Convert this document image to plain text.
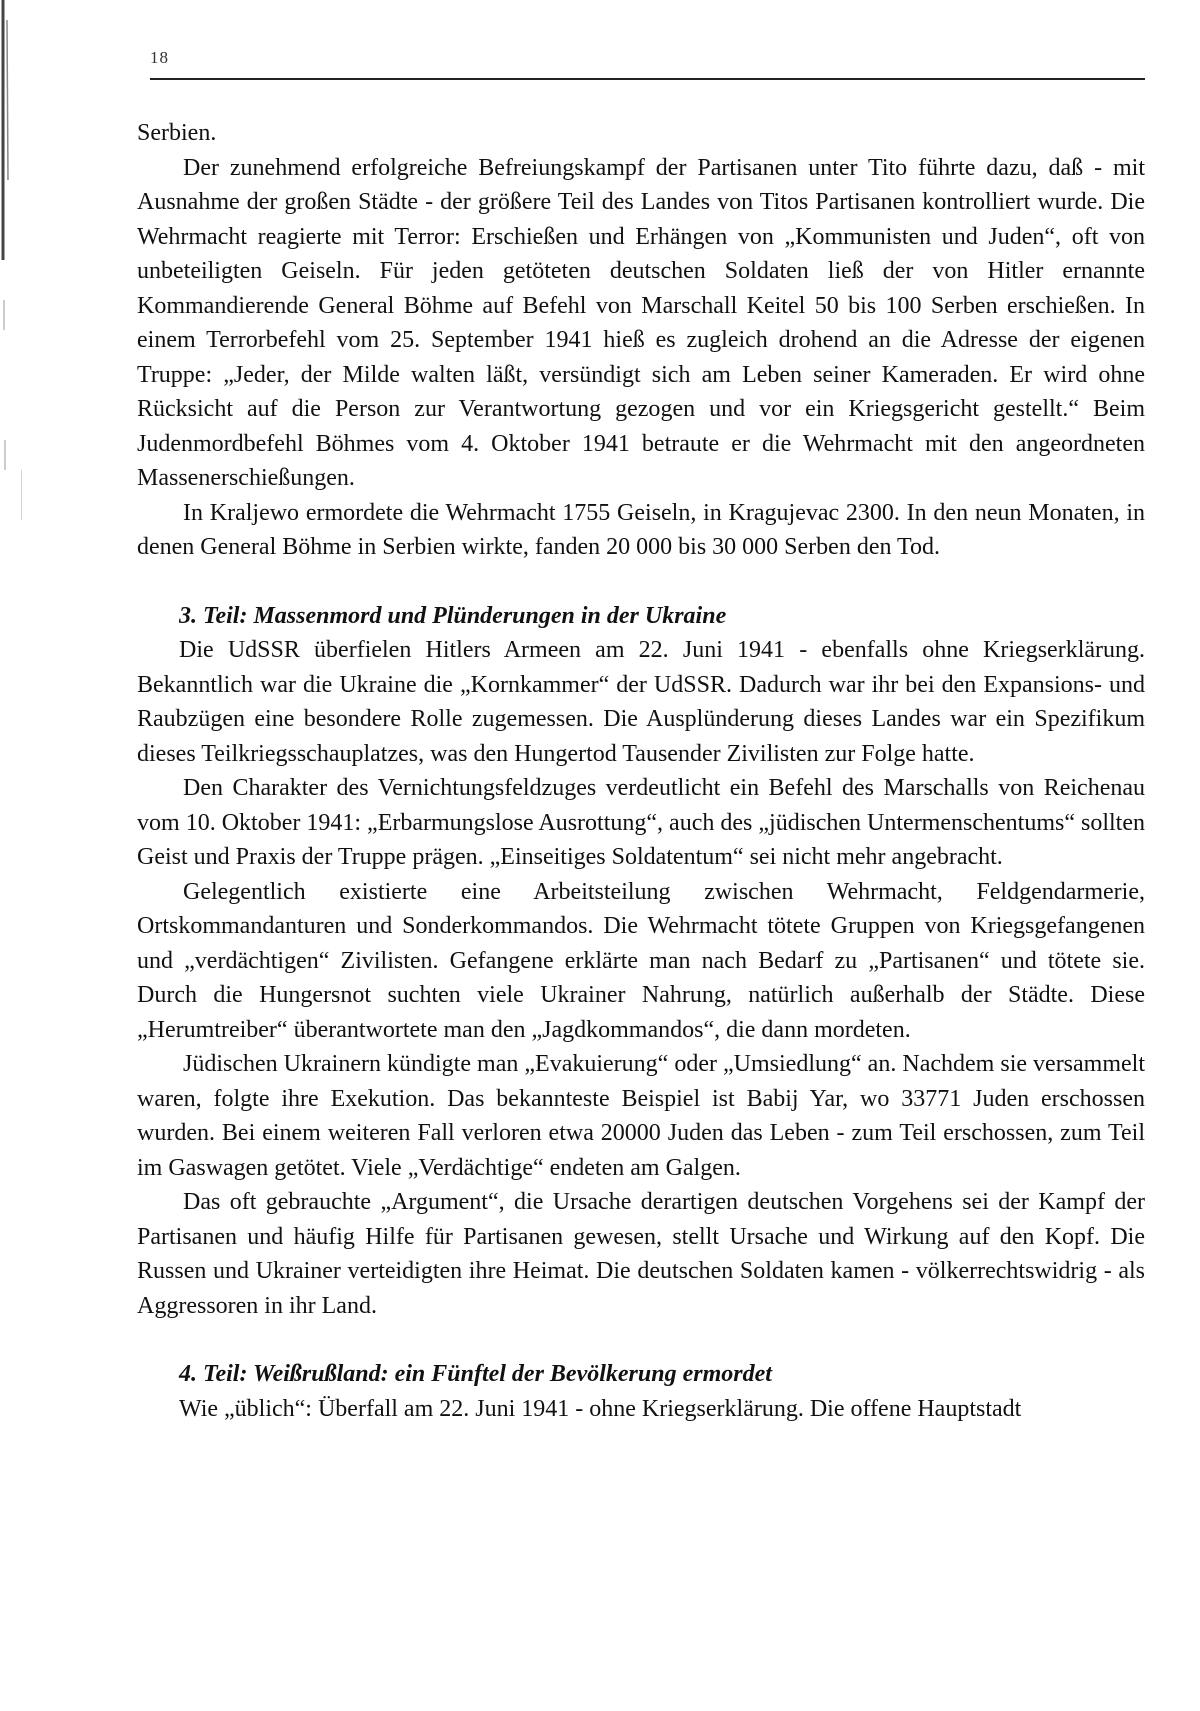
18

Serbien.

Der zunehmend erfolgreiche Befreiungskampf der Partisanen unter Tito führte dazu, daß - mit Ausnahme der großen Städte - der größere Teil des Landes von Titos Partisanen kontrolliert wurde. Die Wehrmacht reagierte mit Terror: Erschießen und Erhängen von „Kommunisten und Juden“, oft von unbeteiligten Geiseln. Für jeden getöteten deutschen Soldaten ließ der von Hitler ernannte Kommandierende General Böhme auf Befehl von Marschall Keitel 50 bis 100 Serben erschießen. In einem Terrorbefehl vom 25. September 1941 hieß es zugleich drohend an die Adresse der eigenen Truppe: „Jeder, der Milde walten läßt, versündigt sich am Leben seiner Kameraden. Er wird ohne Rücksicht auf die Person zur Verantwortung gezogen und vor ein Kriegsgericht gestellt.“ Beim Judenmordbefehl Böhmes vom 4. Oktober 1941 betraute er die Wehrmacht mit den angeordneten Massenerschießungen.

In Kraljewo ermordete die Wehrmacht 1755 Geiseln, in Kragujevac 2300. In den neun Monaten, in denen General Böhme in Serbien wirkte, fanden 20 000 bis 30 000 Serben den Tod.

3. Teil: Massenmord und Plünderungen in der Ukraine

Die UdSSR überfielen Hitlers Armeen am 22. Juni 1941 - ebenfalls ohne Kriegserklärung. Bekanntlich war die Ukraine die „Kornkammer“ der UdSSR. Dadurch war ihr bei den Expansions- und Raubzügen eine besondere Rolle zugemessen. Die Ausplünderung dieses Landes war ein Spezifikum dieses Teilkriegsschauplatzes, was den Hungertod Tausender Zivilisten zur Folge hatte.

Den Charakter des Vernichtungsfeldzuges verdeutlicht ein Befehl des Marschalls von Reichenau vom 10. Oktober 1941: „Erbarmungslose Ausrottung“, auch des „jüdischen Untermenschentums“ sollten Geist und Praxis der Truppe prägen. „Einseitiges Soldatentum“ sei nicht mehr angebracht.

Gelegentlich existierte eine Arbeitsteilung zwischen Wehrmacht, Feldgendarmerie, Ortskommandanturen und Sonderkommandos. Die Wehrmacht tötete Gruppen von Kriegsgefangenen und „verdächtigen“ Zivilisten. Gefangene erklärte man nach Bedarf zu „Partisanen“ und tötete sie. Durch die Hungersnot suchten viele Ukrainer Nahrung, natürlich außerhalb der Städte. Diese „Herumtreiber“ überantwortete man den „Jagdkommandos“, die dann mordeten.

Jüdischen Ukrainern kündigte man „Evakuierung“ oder „Umsiedlung“ an. Nachdem sie versammelt waren, folgte ihre Exekution. Das bekannteste Beispiel ist Babij Yar, wo 33771 Juden erschossen wurden. Bei einem weiteren Fall verloren etwa 20000 Juden das Leben - zum Teil erschossen, zum Teil im Gaswagen getötet. Viele „Verdächtige“ endeten am Galgen.

Das oft gebrauchte „Argument“, die Ursache derartigen deutschen Vorgehens sei der Kampf der Partisanen und häufig Hilfe für Partisanen gewesen, stellt Ursache und Wirkung auf den Kopf. Die Russen und Ukrainer verteidigten ihre Heimat. Die deutschen Soldaten kamen - völkerrechtswidrig - als Aggressoren in ihr Land.

4. Teil: Weißrußland: ein Fünftel der Bevölkerung ermordet

Wie „üblich“: Überfall am 22. Juni 1941 - ohne Kriegserklärung. Die offene Hauptstadt
